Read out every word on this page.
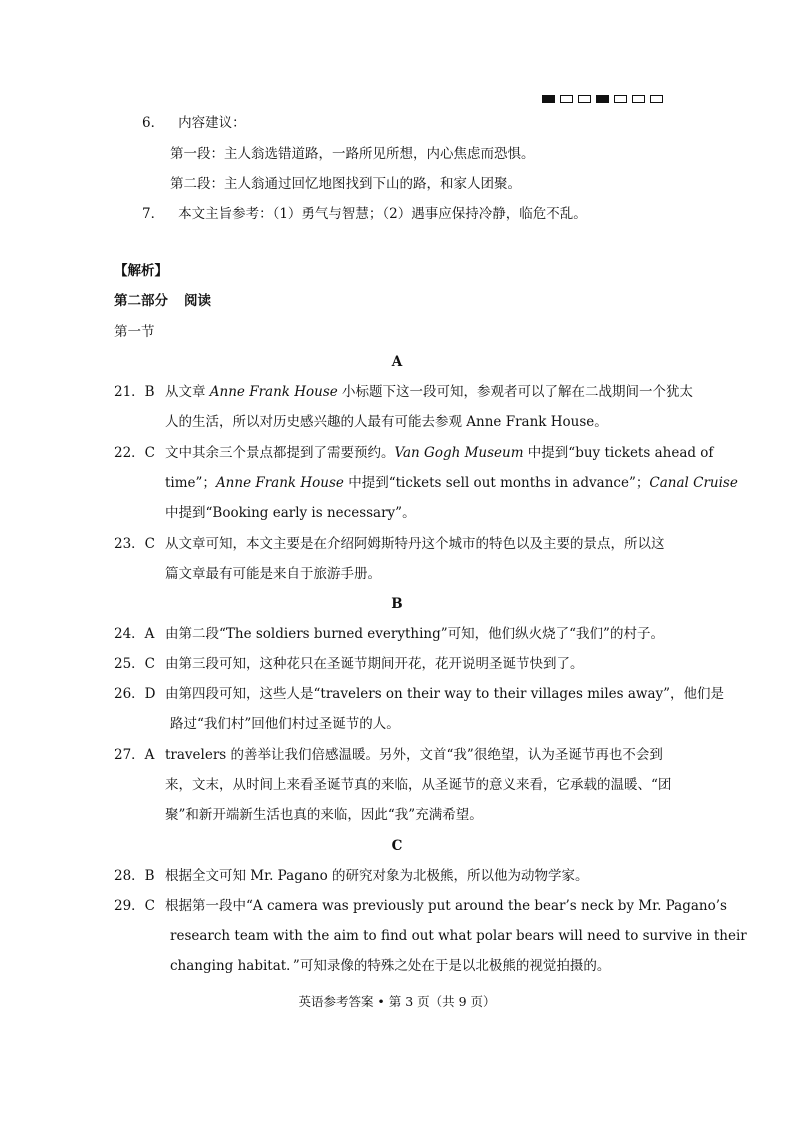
6． 内容建议：
第一段：主人翁选错道路，一路所见所想，内心焦虑而恐惧。
第二段：主人翁通过回忆地图找到下山的路，和家人团聚。
7． 本文主旨参考：（1）勇气与智慧；（2）遇事应保持冷静，临危不乱。
【解析】
第二部分 阅读
第一节
A
21．B 从文章 Anne Frank House 小标题下这一段可知，参观者可以了解在二战期间一个犹太
人的生活，所以对历史感兴趣的人最有可能去参观 Anne Frank House。
22．C 文中其余三个景点都提到了需要预约。Van Gogh Museum 中提到“buy tickets ahead of
time”；Anne Frank House 中提到“tickets sell out months in advance”；Canal Cruise
中提到“Booking early is necessary”。
23．C 从文章可知，本文主要是在介绍阿姆斯特丹这个城市的特色以及主要的景点，所以这
篇文章最有可能是来自于旅游手册。
B
24．A 由第二段“The soldiers burned everything”可知，他们纵火烧了“我们”的村子。
25．C 由第三段可知，这种花只在圣诞节期间开花，花开说明圣诞节快到了。
26．D 由第四段可知，这些人是“travelers on their way to their villages miles away”，他们是
路过“我们村”回他们村过圣诞节的人。
27．A travelers 的善举让我们倍感温暖。另外，文首“我”很绝望，认为圣诞节再也不会到
来，文末，从时间上来看圣诞节真的来临，从圣诞节的意义来看，它承载的温暖、“团
聚”和新开端新生活也真的来临，因此“我”充满希望。
C
28．B 根据全文可知 Mr. Pagano 的研究对象为北极熊，所以他为动物学家。
29．C 根据第一段中“A camera was previously put around the bear’s neck by Mr. Pagano’s
research team with the aim to find out what polar bears will need to survive in their
changing habitat．”可知录像的特殊之处在于是以北极熊的视觉拍摄的。
英语参考答案 • 第 3 页（共 9 页）
